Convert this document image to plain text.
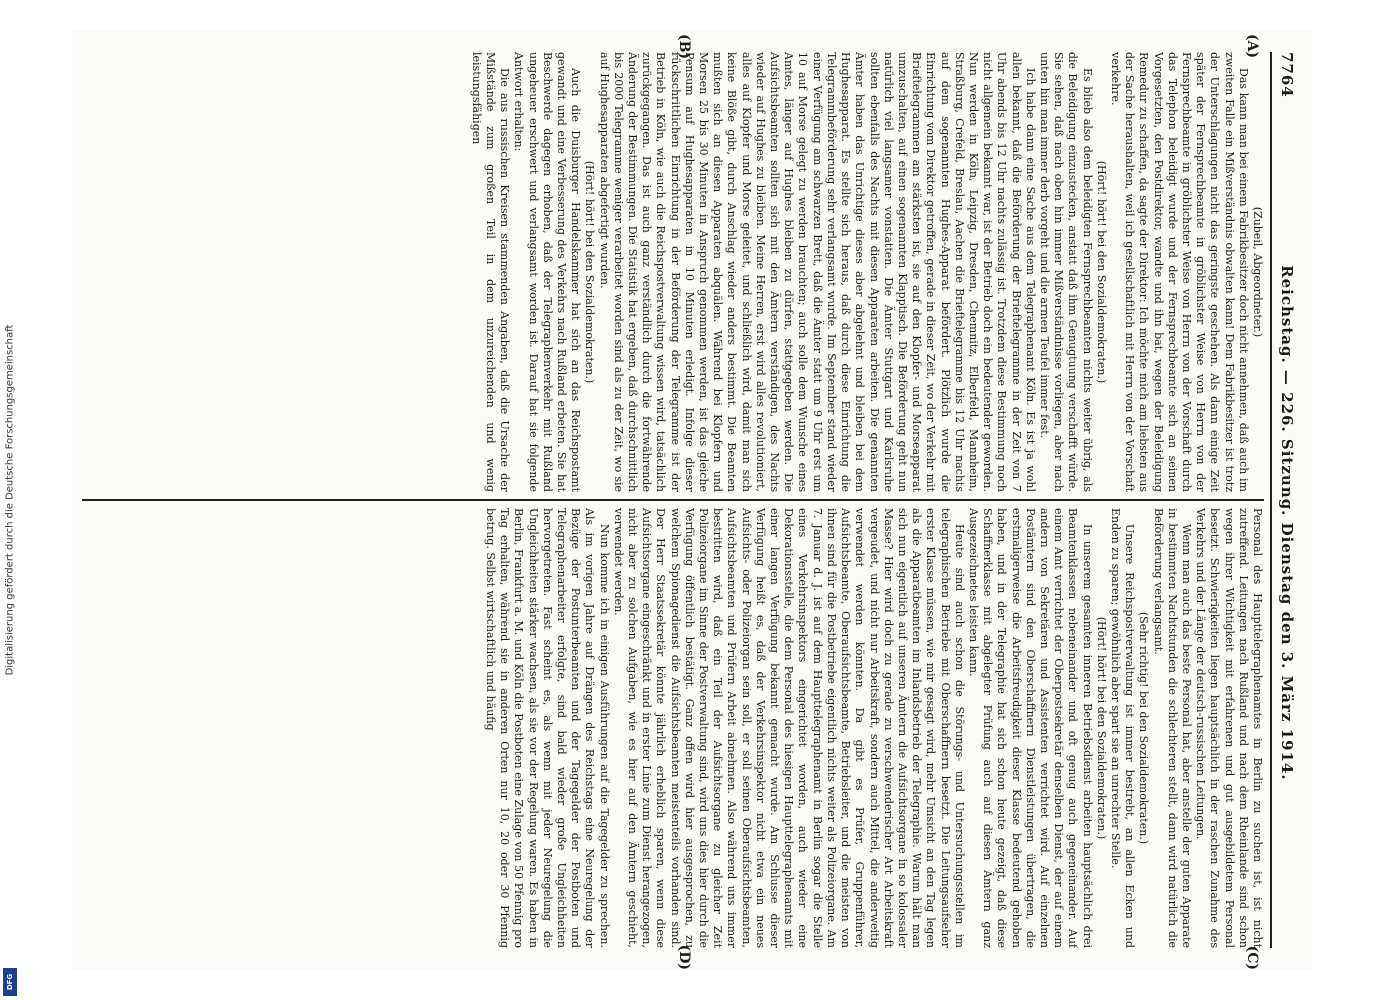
7764
Reichstag. — 226. Sitzung. Dienstag den 3. März 1914.
(A)
(B)
(C)
(D)

(Zubeil, Abgeordneter.)

Das kann man bei einem Fabrikbesitzer doch nicht annehmen, daß auch im zweiten Falle ein Mißverständnis obwalten kann! Dem Fabrikbesitzer ist trotz der Unterschlagungen nicht das geringste geschehen. Als dann einige Zeit später der Fernsprechbeamte in gröblichster Weise von Herrn von der Fernsprechbeamte in gröblichster Weise von Herrn von der Vorschaft durch das Telephon beleidigt wurde und der Fernsprechbeamte sich an seinen Vorgesetzten, den Postdirektor, wandte und ihn bat, wegen der Beleidigung Remedur zu schaffen, da sagte der Direktor: Ich möchte mich am liebsten aus der Sache heraushalten, weil ich gesellschaftlich mit Herrn von der Vorschaft verkehre.

(Hört! hört! bei den Sozialdemokraten.)

Es blieb also dem beleidigten Fernsprechbeamten nichts weiter übrig, als die Beleidigung einzustecken, anstatt daß ihm Genugtuung verschafft würde. Sie sehen, daß nach oben hin immer Mißverständnisse vorliegen, aber nach unten hin man immer derb vorgeht und die armen Teufel immer fest.

Ich habe dann eine Sache aus dem Telegraphenamt Köln. Es ist ja wohl allen bekannt, daß die Beförderung der Brieftelegramme in der Zeit von 7 Uhr abends bis 12 Uhr nachts zulässig ist. Trotzdem diese Bestimmung noch nicht allgemein bekannt war, ist der Betrieb doch ein bedeutender geworden. Nun werden in Köln, Leipzig, Dresden, Chemnitz, Elberfeld, Mannheim, Straßburg, Crefeld, Breslau, Aachen die Brieftelegramme bis 12 Uhr nachts auf dem sogenannten Hughes-Apparat befördert. Plötzlich wurde die Einrichtung vom Direktor getroffen, gerade in dieser Zeit, wo der Verkehr mit Brieftelegrammen am stärksten ist, sie auf den Klopfer- und Morseapparat umzuschalten, auf einen sogenannten Klapptisch. Die Beförderung geht nun natürlich viel langsamer vonstatten. Die Ämter Stuttgart und Karlsruhe sollten ebenfalls des Nachts mit diesen Apparaten arbeiten. Die genannten Ämter haben das Unrichtige dieses aber abgelehnt und bleiben bei dem Hughesapparat. Es stellte sich heraus, daß durch diese Einrichtung die Telegrammbeförderung sehr verlangsamt wurde. Im September stand wieder einer Verfügung am schwarzen Brett, daß die Ämter statt um 9 Uhr erst um 10 auf Morse gelegt zu werden brauchten; auch solle dem Wunsche eines Amtes, länger auf Hughes bleiben zu dürfen, stattgegeben werden. Die Aufsichtsbeamten sollten sich mit den Ämtern verständigen, des Nachts wieder auf Hughes zu bleiben. Meine Herren, erst wird alles revolutioniert, alles auf Klopfer und Morse geleitet, und schließlich wird, damit man sich keine Blöße gibt, durch Anschlag wieder anders bestimmt. Die Beamten mußten sich an diesen Apparaten abquälen. Während bei Klopfern und Morsen 25 bis 30 Minuten in Anspruch genommen werden, ist das gleiche Pensum auf Hughesapparaten in 10 Minuten erledigt. Infolge dieser rückschrittlichen Einrichtung in der Beförderung der Telegramme ist der Betrieb in Köln, wie auch die Reichspostverwaltung wissen wird, tatsächlich zurückgegangen. Das ist auch ganz verständlich durch die fortwährende Änderung der Bestimmungen. Die Statistik hat ergeben, daß durchschnittlich bis 2000 Telegramme weniger verarbeitet worden sind als zu der Zeit, wo sie auf Hughesapparaten abgefertigt wurden.

(Hört! hört! bei den Sozialdemokraten.)

Auch die Duisburger Handelskammer hat sich an das Reichspostamt gewandt und eine Verbesserung des Verkehrs nach Rußland erbeten. Sie hat Beschwerde dagegen erhoben, daß der Telegraphenverkehr mit Rußland ungeheuer erschwert und verlangsamt worden ist. Darauf hat sie folgende Antwort erhalten:

Die aus russischen Kreisen stammenden Angaben, daß die Ursache der Mißstände zum großen Teil in dem unzureichenden und wenig leistungsfähigen

Personal des Haupttelegraphenamtes in Berlin zu suchen ist, ist nicht zutreffend. Leitungen nach Rußland und nach dem Rheinlande sind schon wegen ihrer Wichtigkeit mit erfahrenen und gut ausgebildetem Personal besetzt. Schwierigkeiten liegen hauptsächlich in der raschen Zunahme des Verkehrs und der Länge der deutsch-russischen Leitungen.

Wenn man auch das beste Personal hat, aber anstelle der guten Apparate in bestimmten Nachtstunden die schlechteren stellt, dann wird natürlich die Beförderung verlangsamt.

(Sehr richtig! bei den Sozialdemokraten.)

Unsere Reichspostverwaltung ist immer bestrebt, an allen Ecken und Enden zu sparen; gewöhnlich aber spart sie an unrechter Stelle.

(Hört! hört! bei den Sozialdemokraten.)

In unserem gesamten inneren Betriebsdienst arbeiten hauptsächlich drei Beamtenklassen nebeneinander und oft genug auch gegeneinander. Auf einem Amt verrichtet der Oberpostsekretär denselben Dienst, der auf einem andern von Sekretären und Assistenten verrichtet wird. Auf einzelnen Postämtern sind den Oberschaffnern Dienstleistungen übertragen, die erstmaligerweise die Arbeitsfreudigkeit dieser Klasse bedeutend gehoben haben, und in der Telegraphie hat sich schon heute gezeigt, daß diese Schaffnerklasse mit abgelegter Prüfung auch auf diesen Ämtern ganz Ausgezeichnetes leisten kann.

Heute sind auch schon die Störungs- und Untersuchungsstellen im telegraphischen Betriebe mit Oberschaffnern besetzt. Die Leitungsaufseher erster Klasse müssen, wie mir gesagt wird, mehr Umsicht an den Tag legen als die Apparatbeamten im Inlandsbetrieb der Telegraphie. Warum hält man sich nun eigentlich auf unseren Ämtern die Aufsichtsorgane in so kolossaler Masse? Hier wird doch zu gerade zu verschwenderischer Art Arbeitskraft vergeudet, und nicht nur Arbeitskraft, sondern auch Mittel, die anderweitig verwendet werden könnten. Da gibt es Prüfer, Gruppenführer, Aufsichtsbeamte, Oberaufsichtsbeamte, Betriebsleiter, und die meisten von ihnen sind für die Postbetriebe eigentlich nichts weiter als Polizeiorgane. Am 7. Januar d. J. ist auf dem Haupttelegraphenamt in Berlin sogar die Stelle eines Verkehrsinspektors eingerichtet worden, auch wieder eine Dekorationsstelle, die dem Personal des hiesigen Haupttelegraphenamts mit einer langen Verfügung bekannt gemacht wurde. Am Schlusse dieser Verfügung heißt es, daß der Verkehrsinspektor nicht etwa ein neues Aufsichts- oder Polizeiorgan sein soll, er soll seinen Oberaufsichtsbeamten, Aufsichtsbeamten und Prüfern Arbeit abnehmen. Also während uns immer bestritten wird, daß ein Teil der Aufsichtsorgane zu gleicher Zeit Polizeiorgane im Sinne der Postverwaltung sind, wird uns dies hier durch die Verfügung öffentlich bestätigt. Ganz offen wird hier ausgesprochen, zu welchem Spionagedienst die Aufsichtsbeamten meistenteils vorhanden sind. Der Herr Staatssekretär könnte jährlich erheblich sparen, wenn diese Aufsichtsorgane eingeschränkt und in erster Linie zum Dienst herangezogen, nicht aber zu solchen Aufgaben, wie es hier auf den Ämtern geschieht, verwendet werden.

Nun komme ich in einigen Ausführungen auf die Tagegelder zu sprechen. Als im vorigen Jahre auf Drängen des Reichstags eine Neuregelung der Bezüge der Postunterbeamten und der Tagegelder der Postboten und Telegraphenarbeiter erfolgte, sind bald wieder große Ungleichheiten hervorgetreten. Fast scheint es, als wenn mit jeder Neuregelung die Ungleichheiten stärker wachsen, als sie vor der Regelung waren. Es haben in Berlin, Frankfurt a. M. und Köln die Postboten eine Zulage von 50 Pfennig pro Tag erhalten, während sie in anderen Orten nur 10, 20 oder 30 Pfennig betrug. Selbst wirtschaftlich und häufig

Digitalisierung gefördert durch die Deutsche Forschungsgemeinschaft
DFG
